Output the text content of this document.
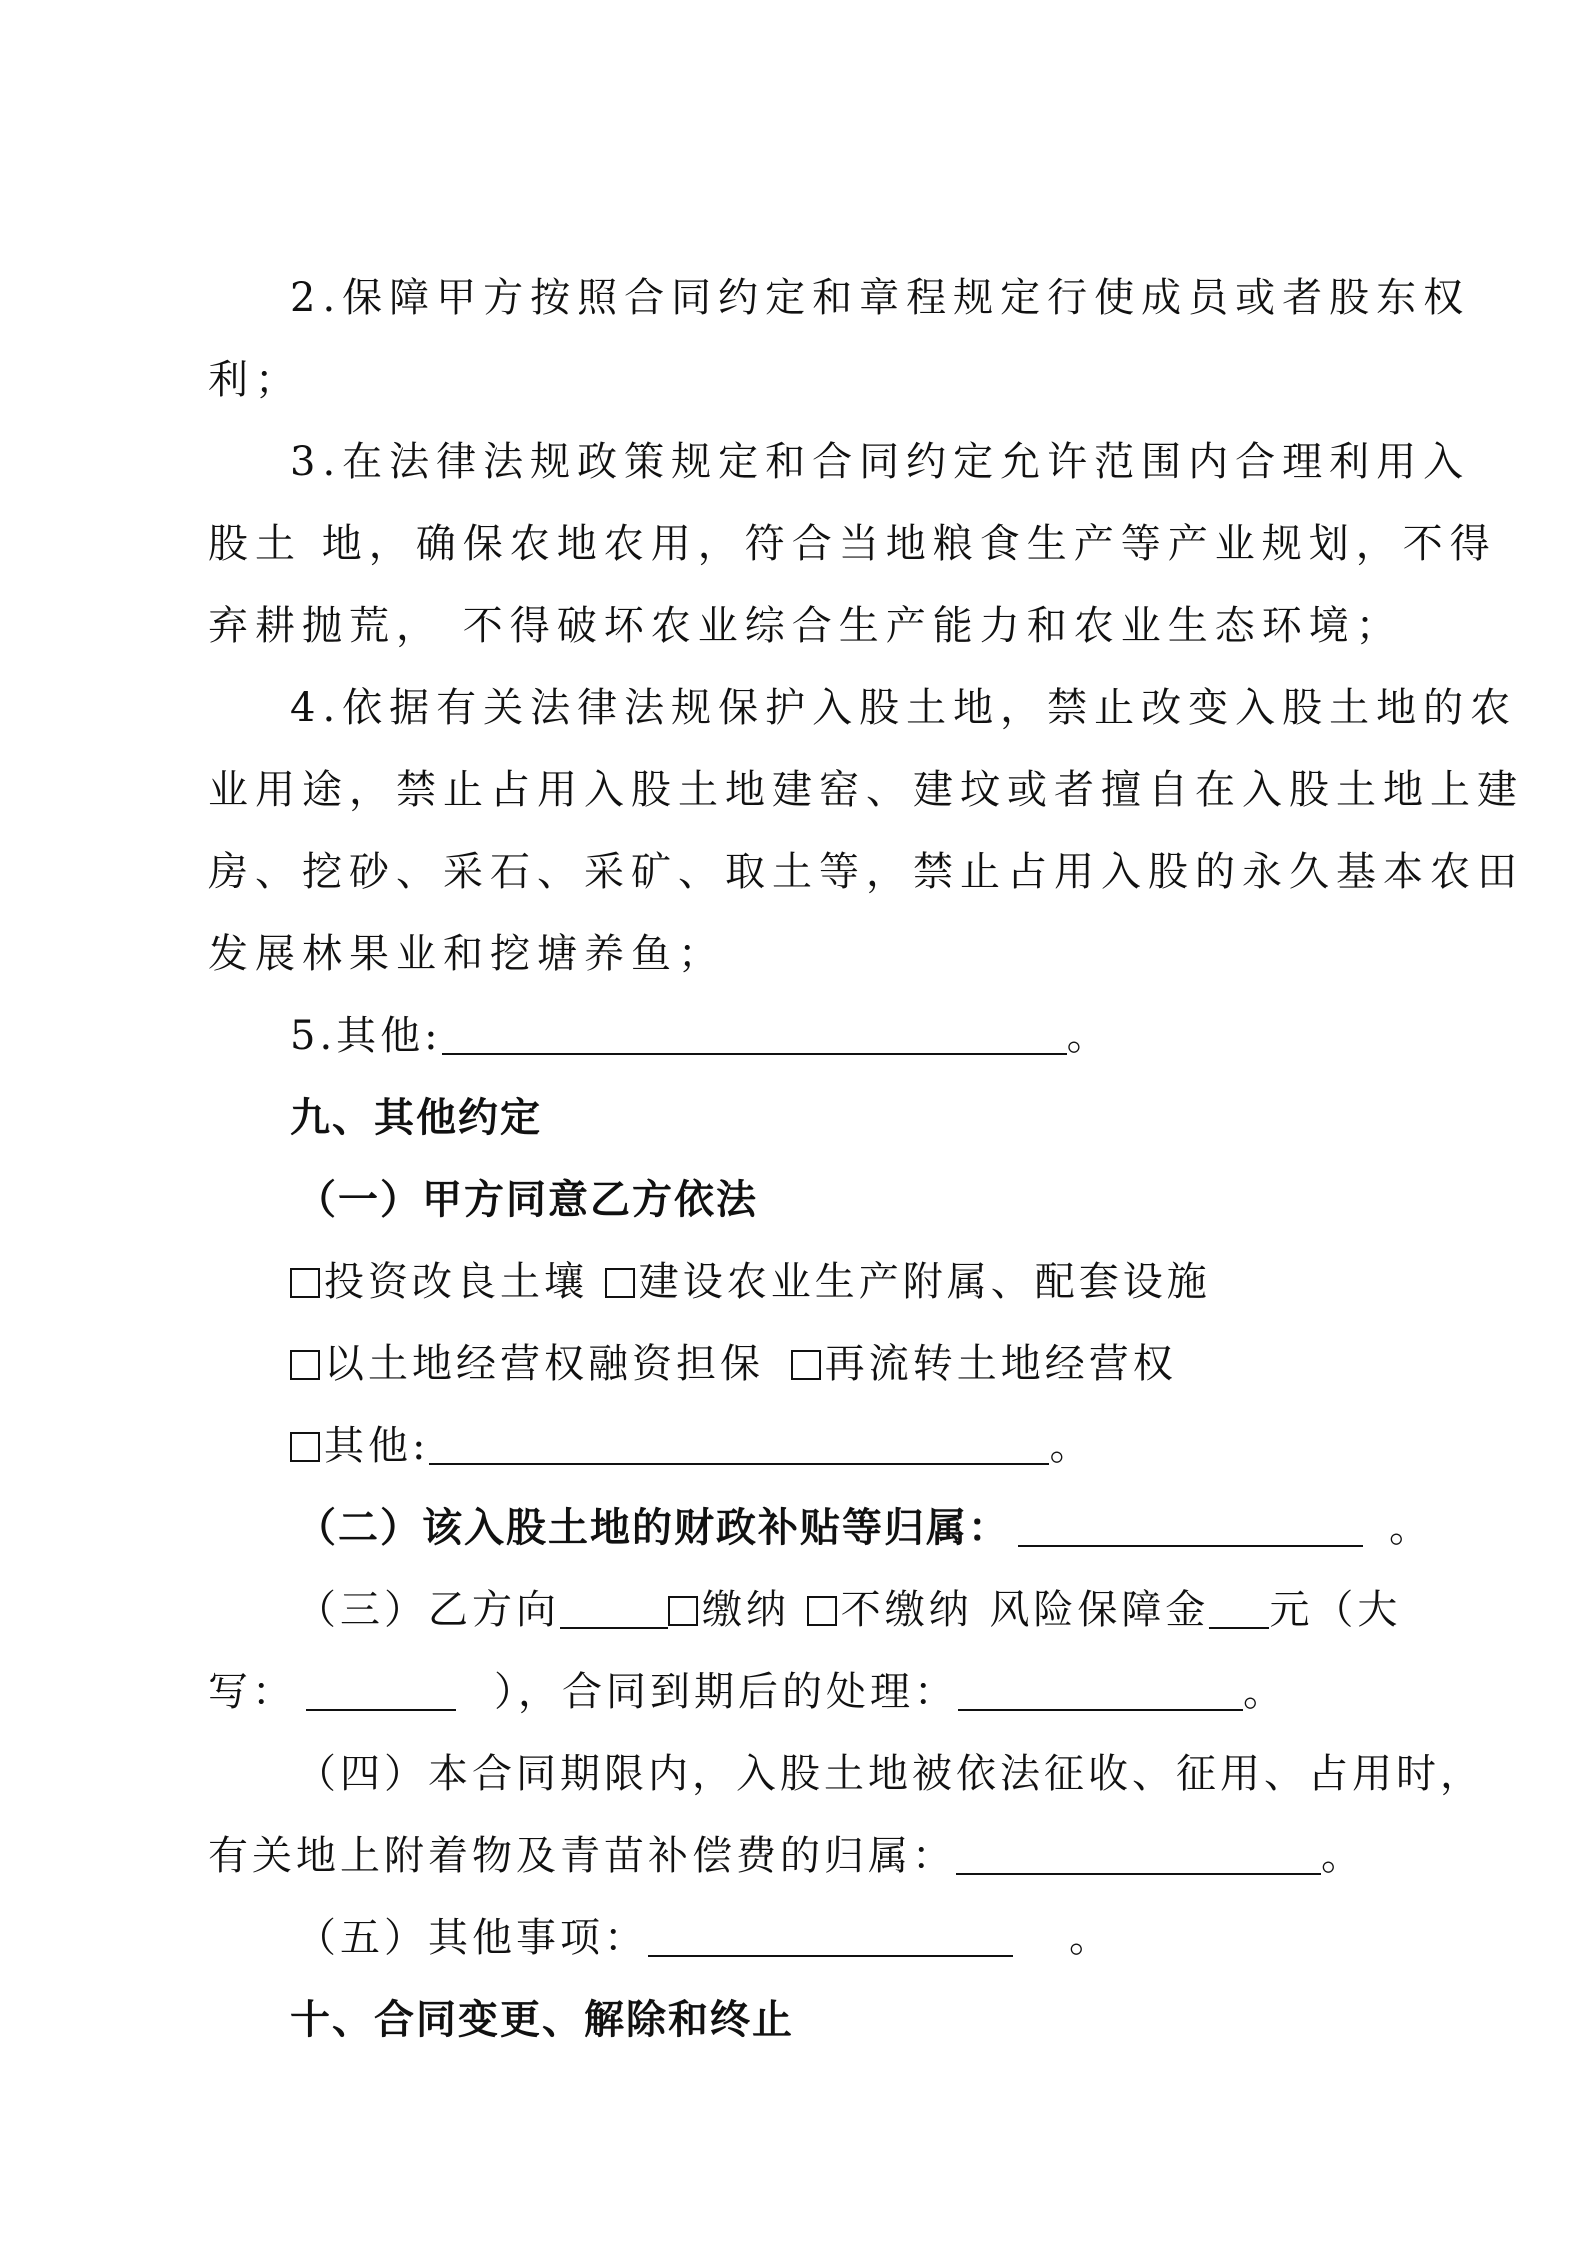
2.保障甲方按照合同约定和章程规定行使成员或者股东权
利；
3.在法律法规政策规定和合同约定允许范围内合理利用入
股土 地，确保农地农用，符合当地粮食生产等产业规划，不得
弃耕抛荒， 不得破坏农业综合生产能力和农业生态环境；
4.依据有关法律法规保护入股土地，禁止改变入股土地的农
业用途，禁止占用入股土地建窑、建坟或者擅自在入股土地上建
房、挖砂、采石、采矿、取土等，禁止占用入股的永久基本农田
发展林果业和挖塘养鱼；
5.其他:	。
九、其他约定
（一）甲方同意乙方依法
投资改良土壤 建设农业生产附属、配套设施
以土地经营权融资担保 再流转土地经营权
其他:	。
（二）该入股土地的财政补贴等归属：	。
（三）乙方向	缴纳 不缴纳 风险保障金 元（大
写：	），合同到期后的处理：	。
（四）本合同期限内，入股土地被依法征收、征用、占用时，
有关地上附着物及青苗补偿费的归属：	。
（五）其他事项：	。
十、合同变更、解除和终止
